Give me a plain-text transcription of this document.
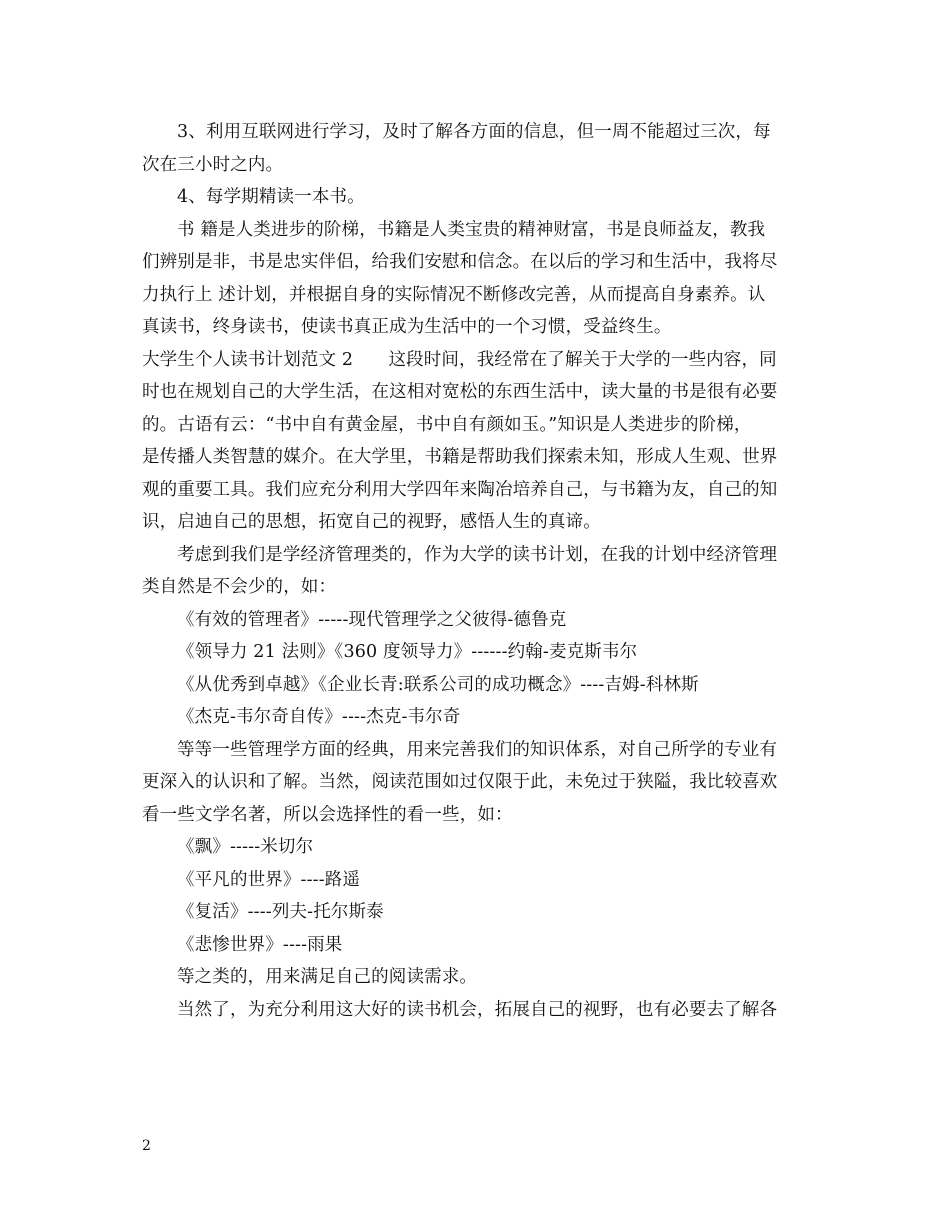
3、利用互联网进行学习，及时了解各方面的信息，但一周不能超过三次，每
次在三小时之内。
4、每学期精读一本书。
书 籍是人类进步的阶梯，书籍是人类宝贵的精神财富，书是良师益友，教我
们辨别是非，书是忠实伴侣，给我们安慰和信念。在以后的学习和生活中，我将尽
力执行上 述计划，并根据自身的实际情况不断修改完善，从而提高自身素养。认
真读书，终身读书，使读书真正成为生活中的一个习惯，受益终生。
大学生个人读书计划范文 2　　这段时间，我经常在了解关于大学的一些内容，同
时也在规划自己的大学生活，在这相对宽松的东西生活中，读大量的书是很有必要
的。古语有云：“书中自有黄金屋，书中自有颜如玉。”知识是人类进步的阶梯，
是传播人类智慧的媒介。在大学里，书籍是帮助我们探索未知，形成人生观、世界
观的重要工具。我们应充分利用大学四年来陶冶培养自己，与书籍为友，自己的知
识，启迪自己的思想，拓宽自己的视野，感悟人生的真谛。
考虑到我们是学经济管理类的，作为大学的读书计划，在我的计划中经济管理
类自然是不会少的，如：
《有效的管理者》-----现代管理学之父彼得-德鲁克
《领导力 21 法则》《360 度领导力》------约翰-麦克斯韦尔
《从优秀到卓越》《企业长青:联系公司的成功概念》----吉姆-科林斯
《杰克-韦尔奇自传》----杰克-韦尔奇
等等一些管理学方面的经典，用来完善我们的知识体系，对自己所学的专业有
更深入的认识和了解。当然，阅读范围如过仅限于此，未免过于狭隘，我比较喜欢
看一些文学名著，所以会选择性的看一些，如：
《飘》-----米切尔
《平凡的世界》----路遥
《复活》----列夫-托尔斯泰
《悲惨世界》----雨果
等之类的，用来满足自己的阅读需求。
当然了，为充分利用这大好的读书机会，拓展自己的视野，也有必要去了解各
2
